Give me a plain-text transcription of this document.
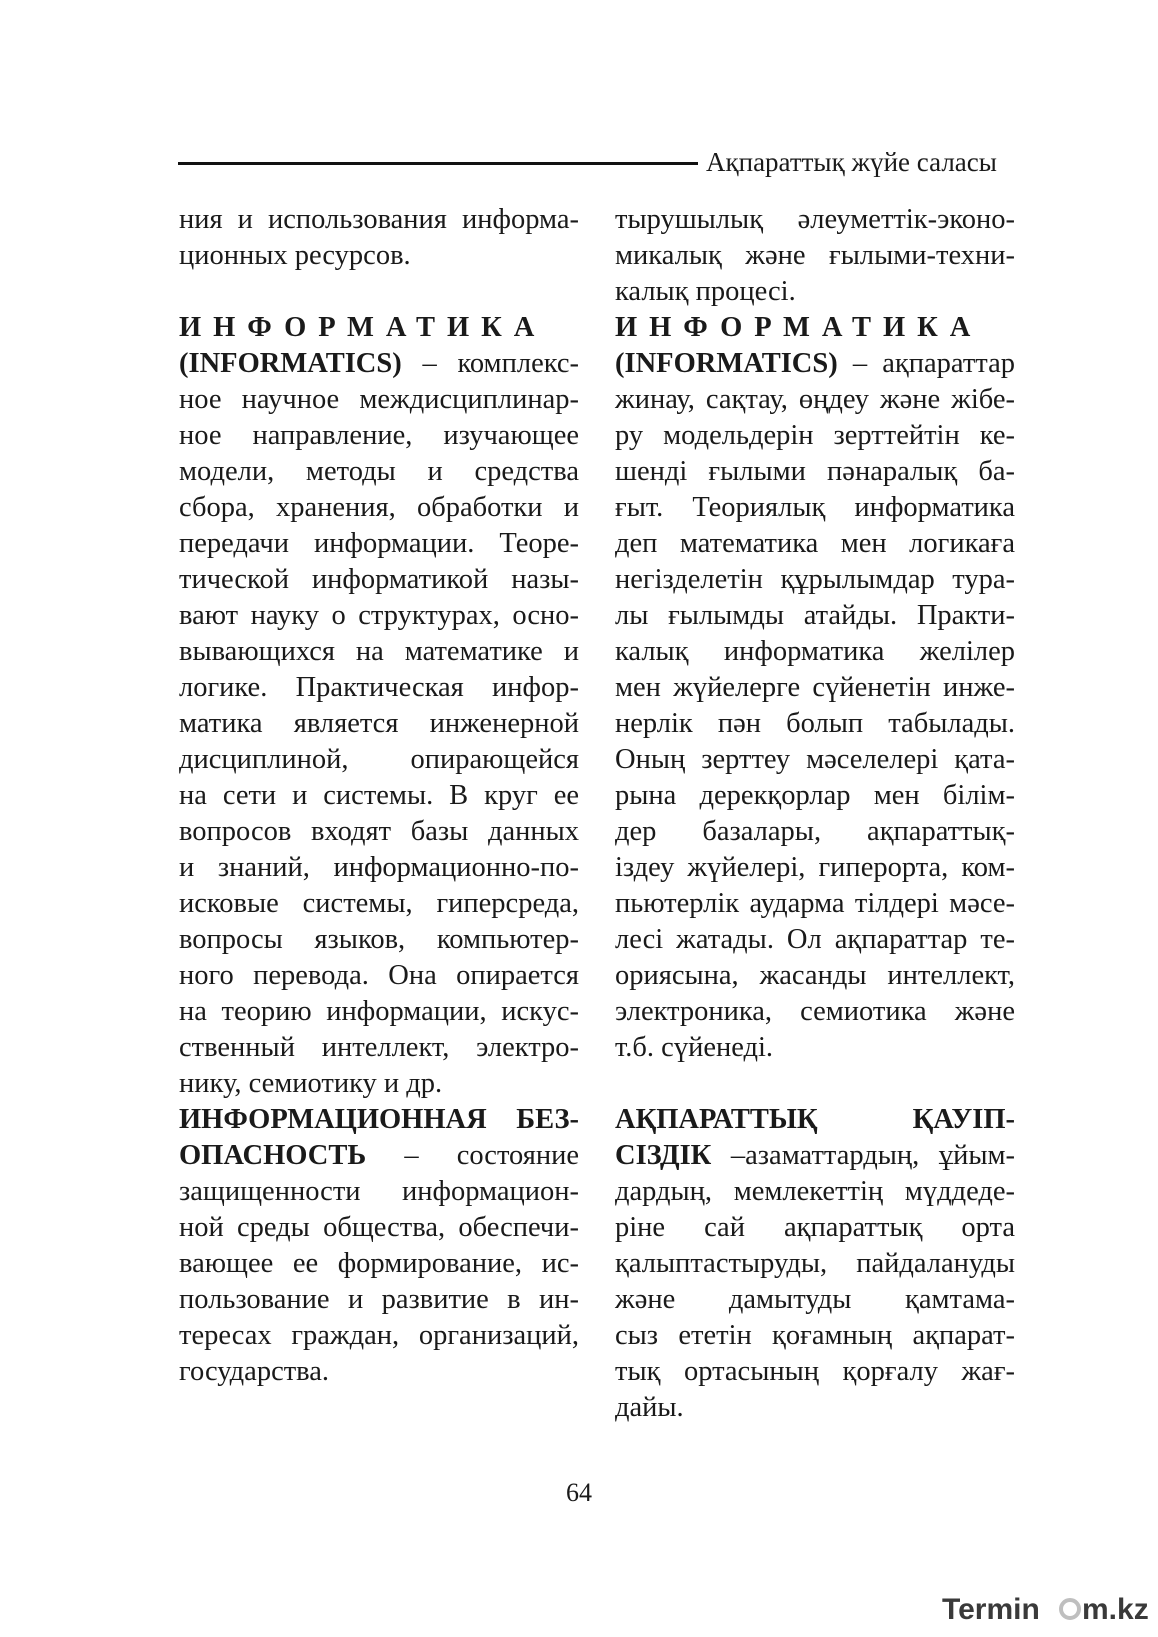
Ақпараттық жүйе саласы
ния и использования информа-
ционных ресурсов.
ИНФОРМАТИКА
(INFORMATICS) – комплекс-
ное научное междисциплинар-
ное направление, изучающее
модели, методы и средства
сбора, хранения, обработки и
передачи информации. Теоре-
тической информатикой назы-
вают науку о структурах, осно-
вывающихся на математике и
логике. Практическая инфор-
матика является инженерной
дисциплиной, опирающейся
на сети и системы. В круг ее
вопросов входят базы данных
и знаний, информационно-по-
исковые системы, гиперсреда,
вопросы языков, компьютер-
ного перевода. Она опирается
на теорию информации, искус-
ственный интеллект, электро-
нику, семиотику и др.
ИНФОРМАЦИОННАЯ БЕЗ-
ОПАСНОСТЬ – состояние
защищенности информацион-
ной среды общества, обеспечи-
вающее ее формирование, ис-
пользование и развитие в ин-
тересах граждан, организаций,
государства.
тырушылық әлеуметтік-эконо-
микалық және ғылыми-техни-
калық процесі.
ИНФОРМАТИКА
(INFORMATICS) – ақпараттар
жинау, сақтау, өңдеу және жібе-
ру модельдерін зерттейтін ке-
шенді ғылыми пәнаралық ба-
ғыт. Теориялық информатика
деп математика мен логикаға
негізделетін құрылымдар тура-
лы ғылымды атайды. Практи-
калық информатика желілер
мен жүйелерге сүйенетін инже-
нерлік пән болып табылады.
Оның зерттеу мәселелері қата-
рына дерекқорлар мен білім-
дер базалары, ақпараттық-
іздеу жүйелері, гиперорта, ком-
пьютерлік аударма тілдері мәсе-
лесі жатады. Ол ақпараттар те-
ориясына, жасанды интеллект,
электроника, семиотика және
т.б. сүйенеді.
АҚПАРАТТЫҚ ҚАУІП-
СІЗДІК –азаматтардың, ұйым-
дардың, мемлекеттің мүддеде-
ріне сай ақпараттық орта
қалыптастыруды, пайдалануды
және дамытуды қамтама-
сыз ететін қоғамның ақпарат-
тық ортасының қорғалу жағ-
дайы.
64
Termin m.kz
